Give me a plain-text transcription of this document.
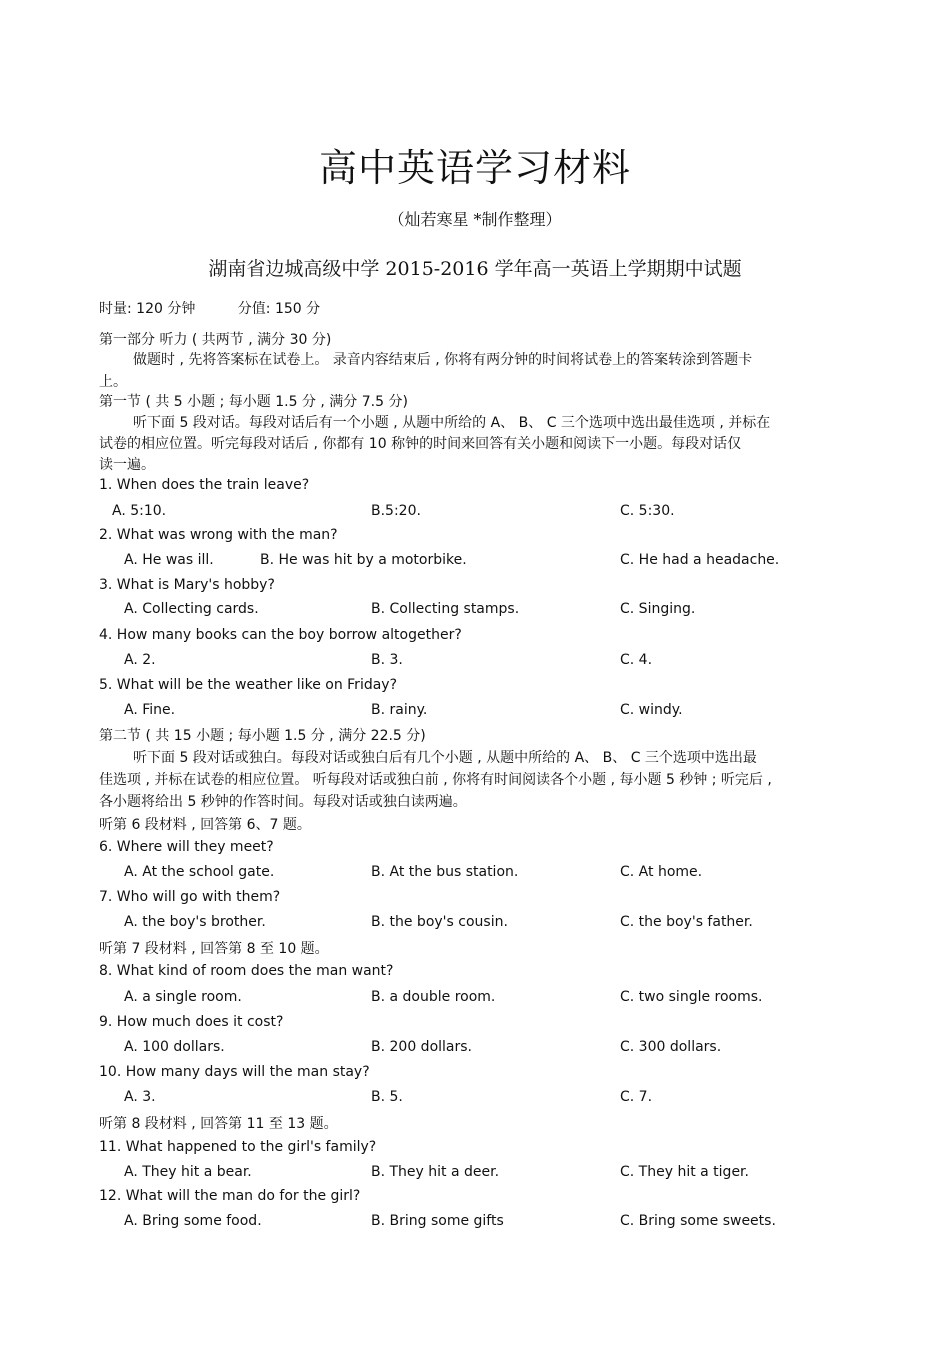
高中英语学习材料
（灿若寒星 *制作整理）
湖南省边城高级中学 2015-2016 学年高一英语上学期期中试题
时量: 120 分钟	分值: 150 分
第一部分 听力 ( 共两节 , 满分 30 分)
做题时 , 先将答案标在试卷上。 录音内容结束后 , 你将有两分钟的时间将试卷上的答案转涂到答题卡
上。
第一节 ( 共 5 小题 ; 每小题 1.5 分 , 满分 7.5 分)
听下面 5 段对话。每段对话后有一个小题 , 从题中所给的 A、 B、 C 三个选项中选出最佳选项 , 并标在
试卷的相应位置。听完每段对话后 , 你都有 10 称钟的时间来回答有关小题和阅读下一小题。每段对话仅
读一遍。
1. When does the train leave?
A. 5:10.	B.5:20.	C. 5:30.
2. What was wrong with the man?
A. He was ill.	B. He was hit by a motorbike.	C. He had a headache.
3. What is Mary's hobby?
A. Collecting cards.	B. Collecting stamps.	C. Singing.
4. How many books can the boy borrow altogether?
A. 2.	B. 3.	C. 4.
5. What will be the weather like on Friday?
A. Fine.	B. rainy.	C. windy.
第二节 ( 共 15 小题 ; 每小题 1.5 分 , 满分 22.5 分)
听下面 5 段对话或独白。每段对话或独白后有几个小题 , 从题中所给的 A、 B、 C 三个选项中选出最
佳选项 , 并标在试卷的相应位置。 听每段对话或独白前 , 你将有时间阅读各个小题 , 每小题 5 秒钟 ; 听完后 ,
各小题将给出 5 秒钟的作答时间。每段对话或独白读两遍。
听第 6 段材料 , 回答第 6、7 题。
6. Where will they meet?
A. At the school gate.	B. At the bus station.	C. At home.
7. Who will go with them?
A. the boy's brother.	B. the boy's cousin.	C. the boy's father.
听第 7 段材料 , 回答第 8 至 10 题。
8. What kind of room does the man want?
A. a single room.	B. a double room.	C. two single rooms.
9. How much does it cost?
A. 100 dollars.	B. 200 dollars.	C. 300 dollars.
10. How many days will the man stay?
A. 3.	B. 5.	C. 7.
听第 8 段材料 , 回答第 11 至 13 题。
11. What happened to the girl's family?
A. They hit a bear.	B. They hit a deer.	C. They hit a tiger.
12. What will the man do for the girl?
A. Bring some food.	B. Bring some gifts	C. Bring some sweets.
